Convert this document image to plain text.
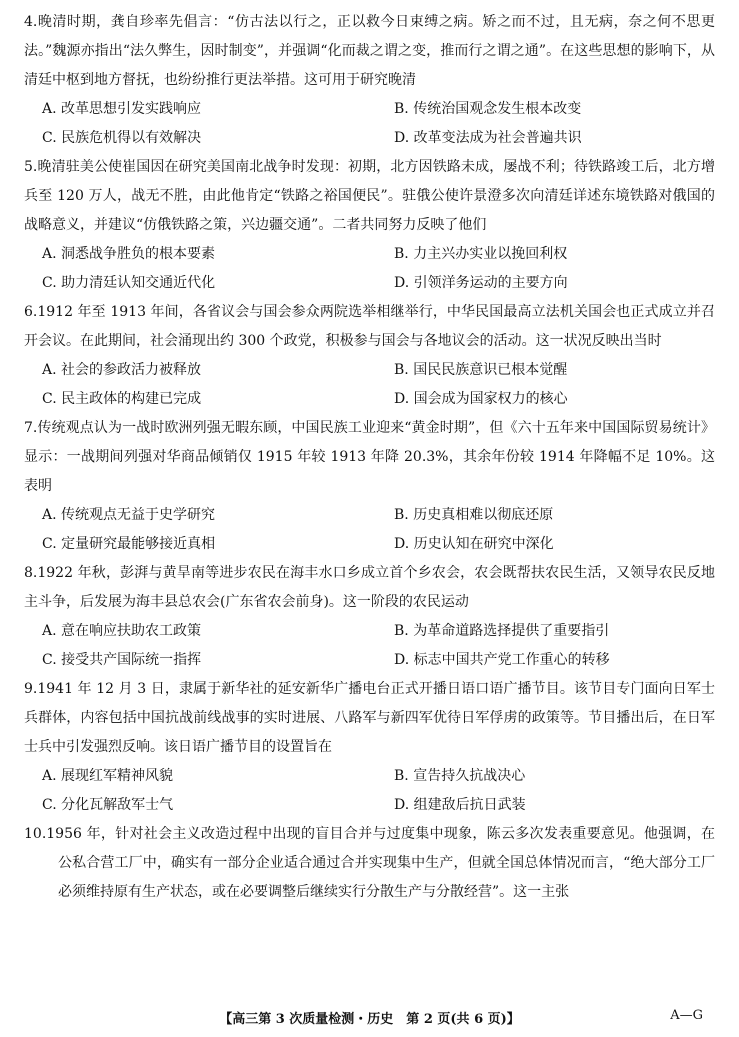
4.晚清时期，龚自珍率先倡言：“仿古法以行之，正以救今日束缚之病。矫之而不过，且无病，奈之何不思更法。”魏源亦指出“法久弊生，因时制变”，并强调“化而裁之谓之变，推而行之谓之通”。在这些思想的影响下，从清廷中枢到地方督抚，也纷纷推行更法举措。这可用于研究晚清

A. 改革思想引发实践响应	B. 传统治国观念发生根本改变
C. 民族危机得以有效解决	D. 改革变法成为社会普遍共识

5.晚清驻美公使崔国因在研究美国南北战争时发现：初期，北方因铁路未成，屡战不利；待铁路竣工后，北方增兵至 120 万人，战无不胜，由此他肯定“铁路之裕国便民”。驻俄公使许景澄多次向清廷详述东境铁路对俄国的战略意义，并建议“仿俄铁路之策，兴边疆交通”。二者共同努力反映了他们

A. 洞悉战争胜负的根本要素	B. 力主兴办实业以挽回利权
C. 助力清廷认知交通近代化	D. 引领洋务运动的主要方向

6.1912 年至 1913 年间，各省议会与国会参众两院选举相继举行，中华民国最高立法机关国会也正式成立并召开会议。在此期间，社会涌现出约 300 个政党，积极参与国会与各地议会的活动。这一状况反映出当时

A. 社会的参政活力被释放	B. 国民民族意识已根本觉醒
C. 民主政体的构建已完成	D. 国会成为国家权力的核心

7.传统观点认为一战时欧洲列强无暇东顾，中国民族工业迎来“黄金时期”，但《六十五年来中国国际贸易统计》显示：一战期间列强对华商品倾销仅 1915 年较 1913 年降 20.3%，其余年份较 1914 年降幅不足 10%。这表明

A. 传统观点无益于史学研究	B. 历史真相难以彻底还原
C. 定量研究最能够接近真相	D. 历史认知在研究中深化

8.1922 年秋，彭湃与黄旱南等进步农民在海丰水口乡成立首个乡农会，农会既帮扶农民生活，又领导农民反地主斗争，后发展为海丰县总农会(广东省农会前身)。这一阶段的农民运动

A. 意在响应扶助农工政策	B. 为革命道路选择提供了重要指引
C. 接受共产国际统一指挥	D. 标志中国共产党工作重心的转移

9.1941 年 12 月 3 日，隶属于新华社的延安新华广播电台正式开播日语口语广播节目。该节目专门面向日军士兵群体，内容包括中国抗战前线战事的实时进展、八路军与新四军优待日军俘虏的政策等。节目播出后，在日军士兵中引发强烈反响。该日语广播节目的设置旨在

A. 展现红军精神风貌	B. 宣告持久抗战决心
C. 分化瓦解敌军士气	D. 组建敌后抗日武装

10.1956 年，针对社会主义改造过程中出现的盲目合并与过度集中现象，陈云多次发表重要意见。他强调，在公私合营工厂中，确实有一部分企业适合通过合并实现集中生产，但就全国总体情况而言，“绝大部分工厂必须维持原有生产状态，或在必要调整后继续实行分散生产与分散经营”。这一主张

【高三第 3 次质量检测・历史　第 2 页(共 6 页)】	A—G
